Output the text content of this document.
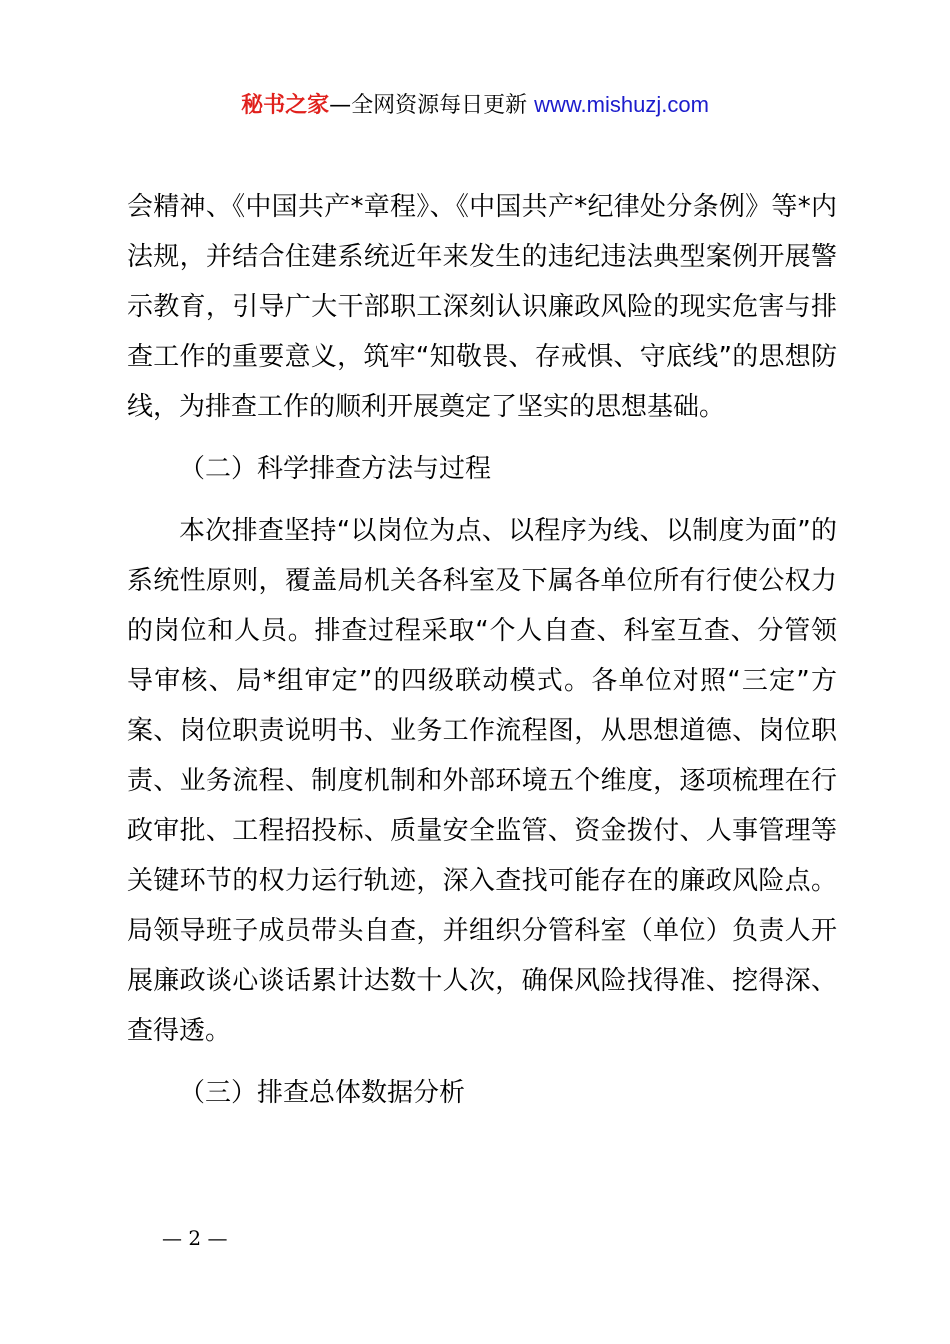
秘书之家—全网资源每日更新 www.mishuzj.com

会精神、《中国共产*章程》、《中国共产*纪律处分条例》等*内法规，并结合住建系统近年来发生的违纪违法典型案例开展警示教育，引导广大干部职工深刻认识廉政风险的现实危害与排查工作的重要意义，筑牢“知敬畏、存戒惧、守底线”的思想防线，为排查工作的顺利开展奠定了坚实的思想基础。

（二）科学排查方法与过程

本次排查坚持“以岗位为点、以程序为线、以制度为面”的系统性原则，覆盖局机关各科室及下属各单位所有行使公权力的岗位和人员。排查过程采取“个人自查、科室互查、分管领导审核、局*组审定”的四级联动模式。各单位对照“三定”方案、岗位职责说明书、业务工作流程图，从思想道德、岗位职责、业务流程、制度机制和外部环境五个维度，逐项梳理在行政审批、工程招投标、质量安全监管、资金拨付、人事管理等关键环节的权力运行轨迹，深入查找可能存在的廉政风险点。局领导班子成员带头自查，并组织分管科室（单位）负责人开展廉政谈心谈话累计达数十人次，确保风险找得准、挖得深、查得透。

（三）排查总体数据分析

— 2 —
